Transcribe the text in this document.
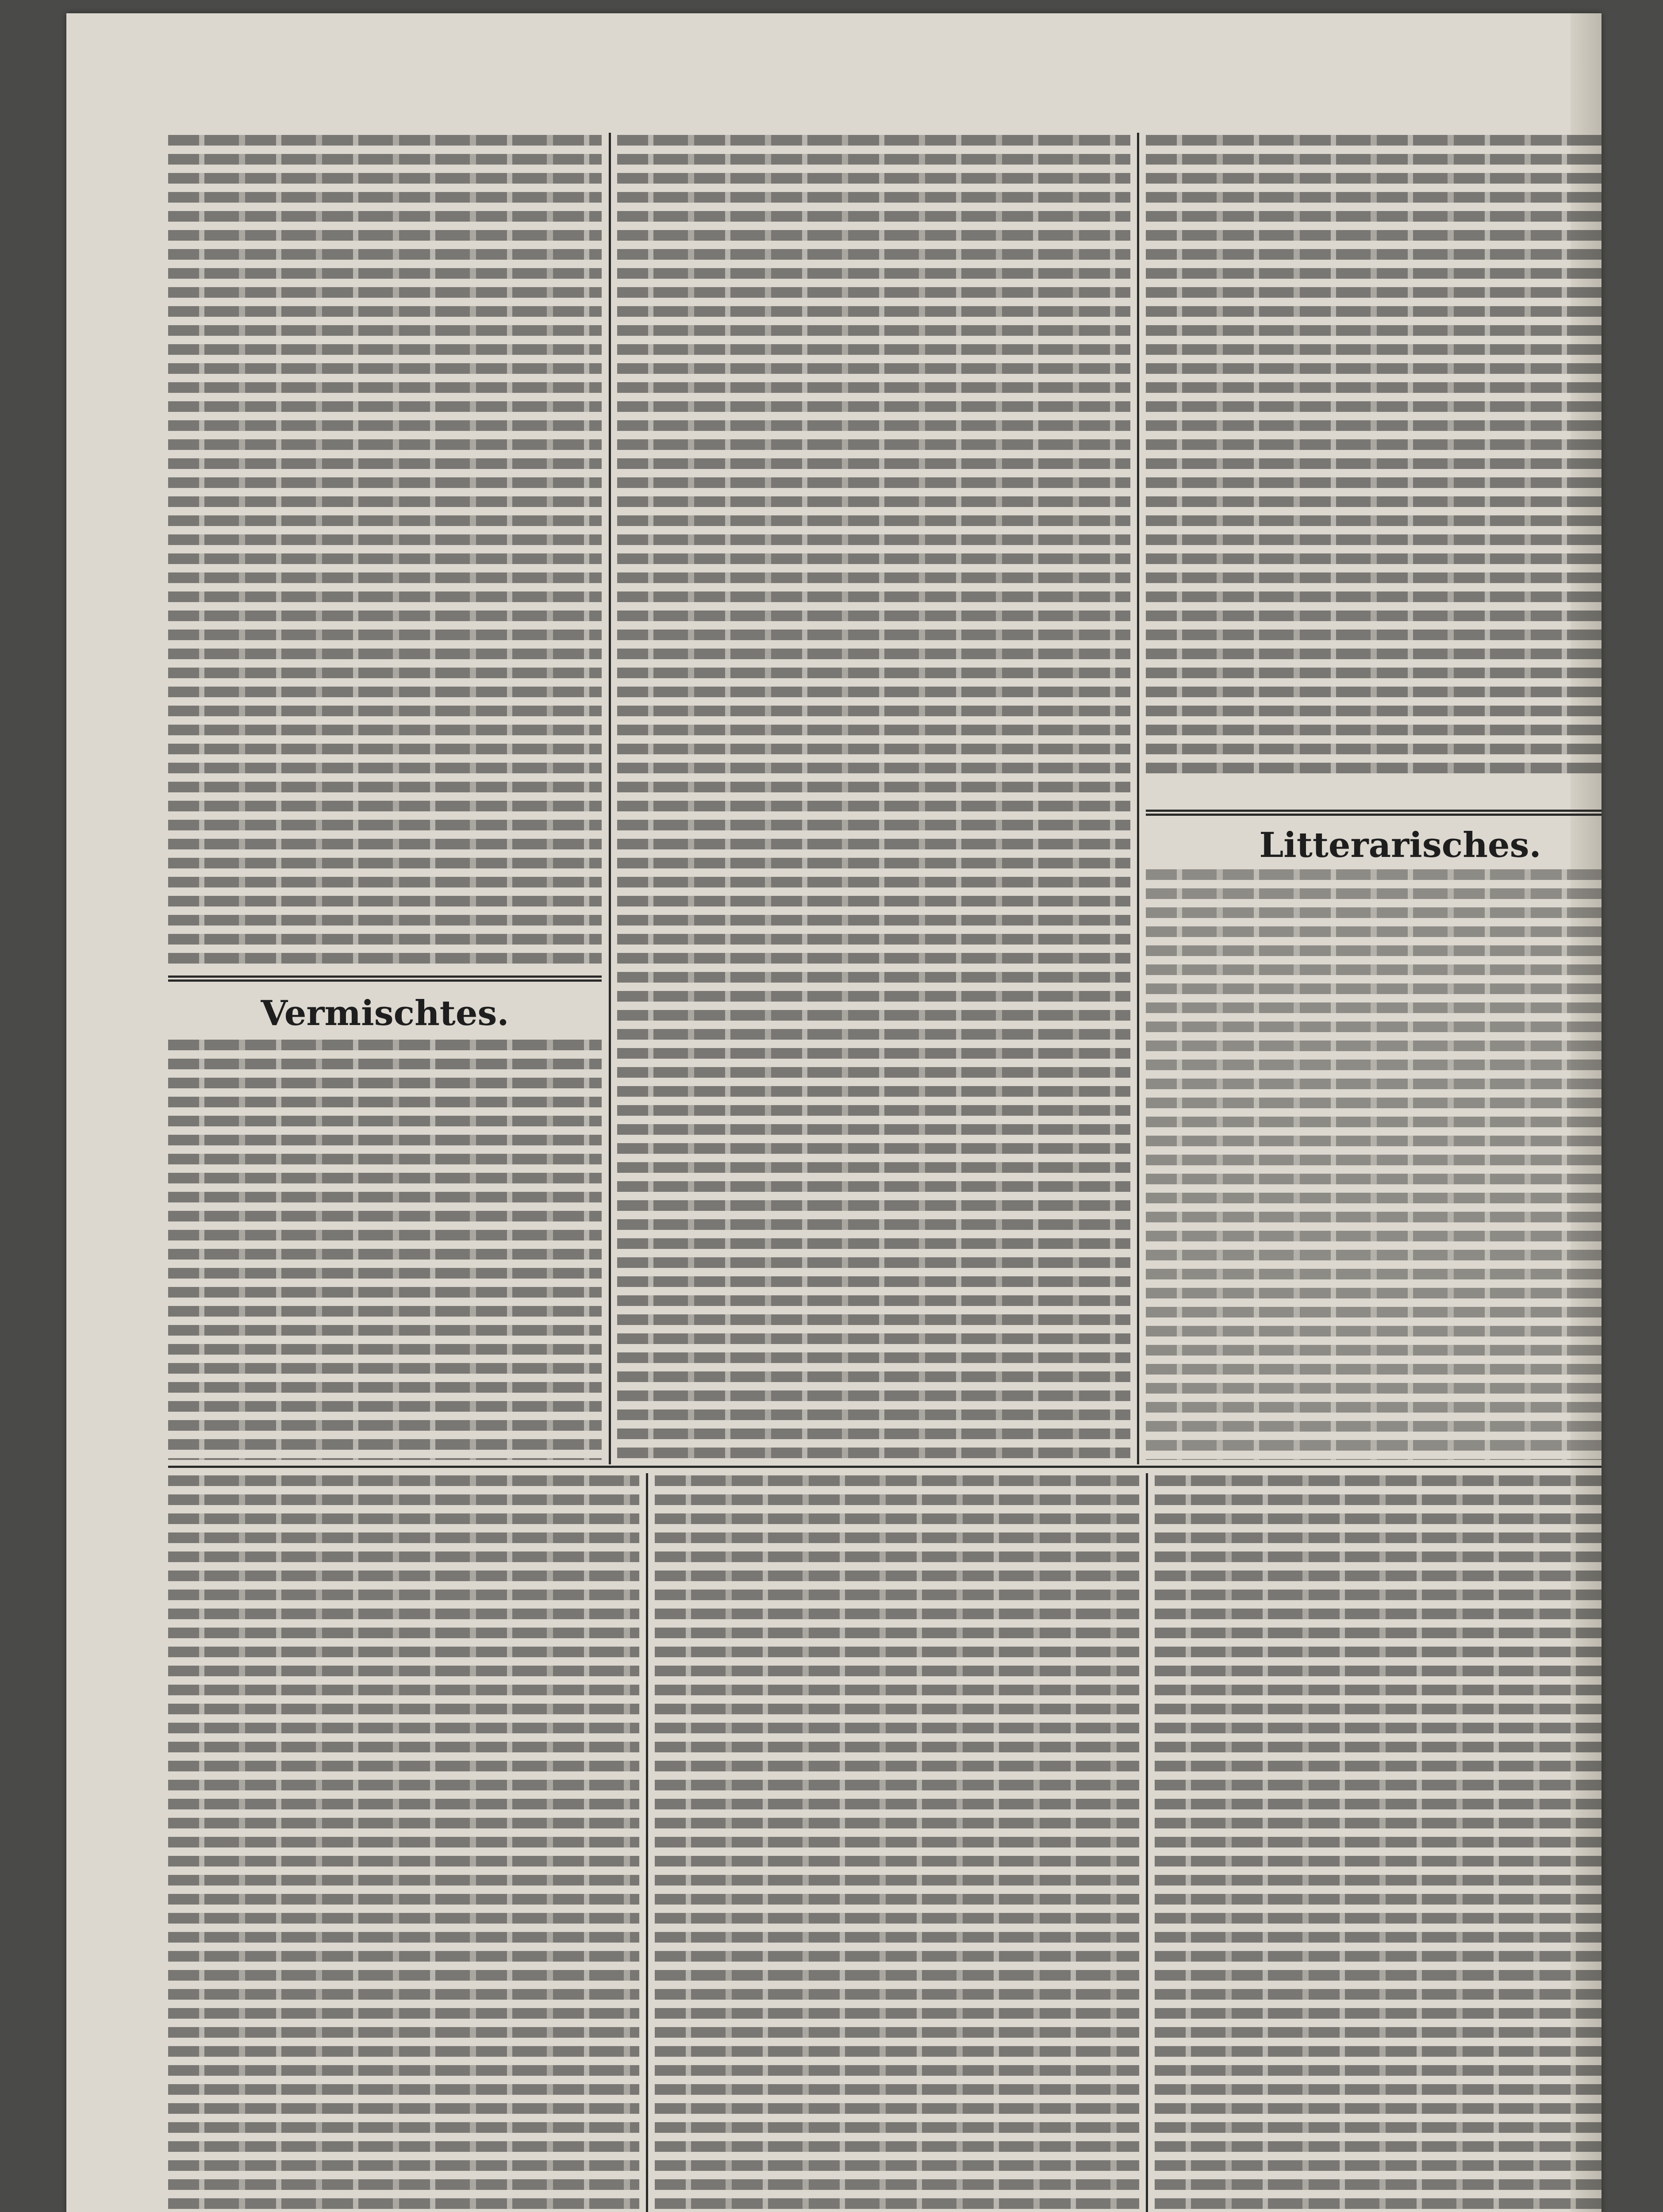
Vermischtes.
Litterarisches.
